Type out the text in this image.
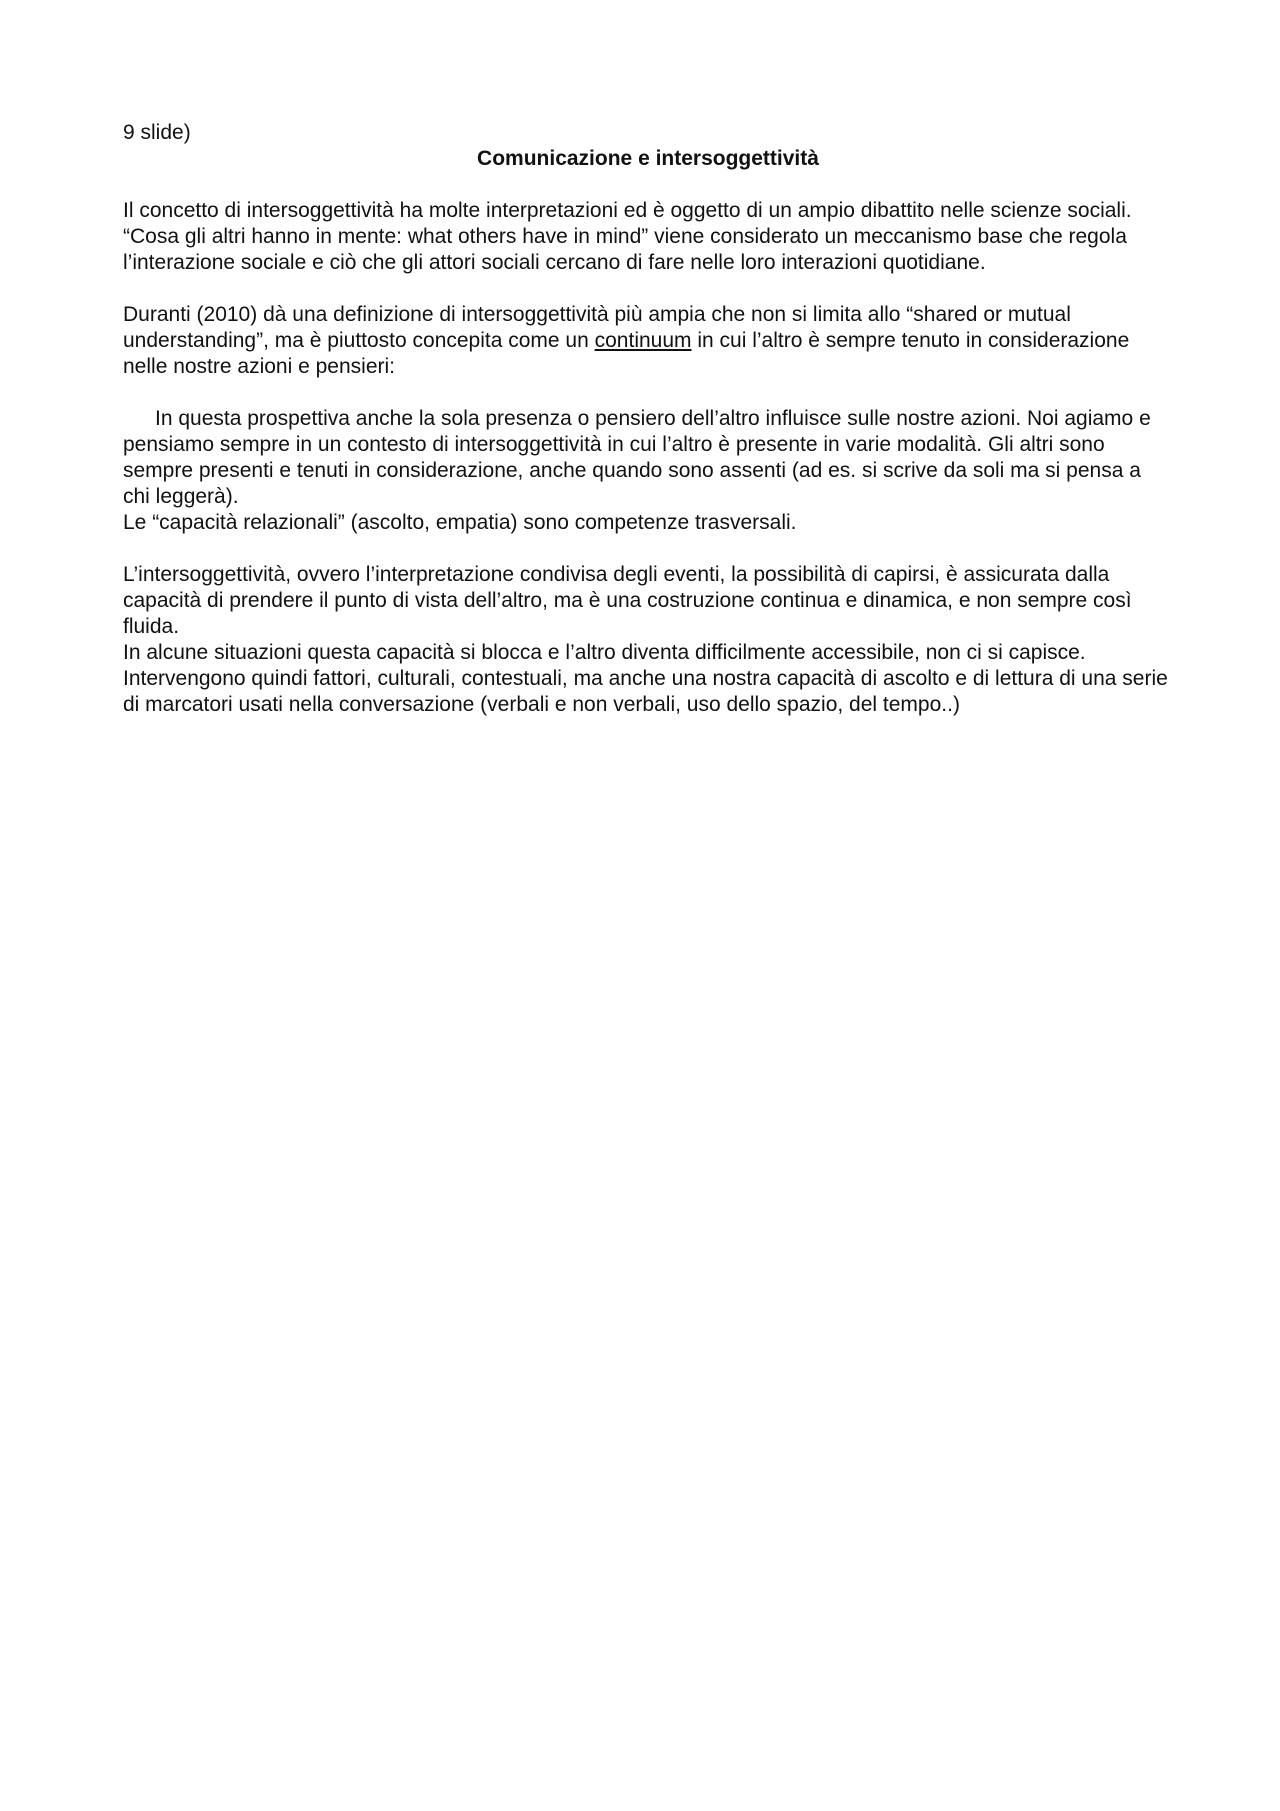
9 slide)

Comunicazione e intersoggettività

Il concetto di intersoggettività ha molte interpretazioni ed è oggetto di un ampio dibattito nelle scienze sociali.

“Cosa gli altri hanno in mente: what others have in mind” viene considerato un meccanismo base che regola l’interazione sociale e ciò che gli attori sociali cercano di fare nelle loro interazioni quotidiane.

Duranti (2010) dà una definizione di intersoggettività più ampia che non si limita allo “shared or mutual understanding”, ma è piuttosto concepita come un continuum in cui l’altro è sempre tenuto in considerazione nelle nostre azioni e pensieri:

In questa prospettiva anche la sola presenza o pensiero dell’altro influisce sulle nostre azioni. Noi agiamo e pensiamo sempre in un contesto di intersoggettività in cui l’altro è presente in varie modalità. Gli altri sono sempre presenti e tenuti in considerazione, anche quando sono assenti (ad es. si scrive da soli ma si pensa a chi leggerà).

Le “capacità relazionali” (ascolto, empatia) sono competenze trasversali.

L’intersoggettività, ovvero l’interpretazione condivisa degli eventi, la possibilità di capirsi, è assicurata dalla capacità di prendere il punto di vista dell’altro, ma è una costruzione continua e dinamica, e non sempre così fluida.

In alcune situazioni questa capacità si blocca e l’altro diventa difficilmente accessibile, non ci si capisce.

Intervengono quindi fattori, culturali, contestuali, ma anche una nostra capacità di ascolto e di lettura di una serie di marcatori usati nella conversazione (verbali e non verbali, uso dello spazio, del tempo..)
